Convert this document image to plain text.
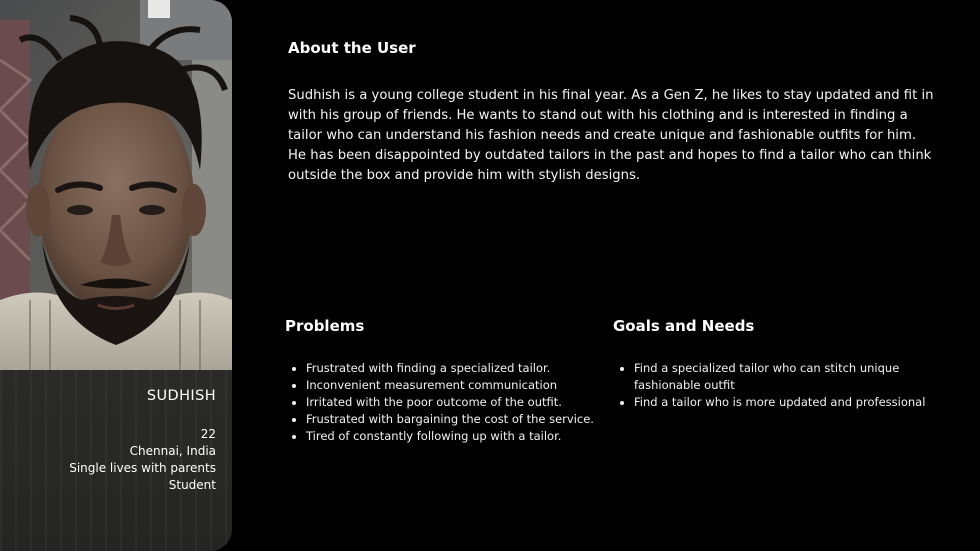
SUDHISH
22
Chennai, India
Single lives with parents
Student
About the User

Sudhish is a young college student in his final year. As a Gen Z, he likes to stay updated and fit in with his group of friends. He wants to stand out with his clothing and is interested in finding a tailor who can understand his fashion needs and create unique and fashionable outfits for him. He has been disappointed by outdated tailors in the past and hopes to find a tailor who can think outside the box and provide him with stylish designs.

Problems
• Frustrated with finding a specialized tailor.
• Inconvenient measurement communication
• Irritated with the poor outcome of the outfit.
• Frustrated with bargaining the cost of the service.
• Tired of constantly following up with a tailor.
Goals and Needs
• Find a specialized tailor who can stitch unique fashionable outfit
• Find a tailor who is more updated and professional
